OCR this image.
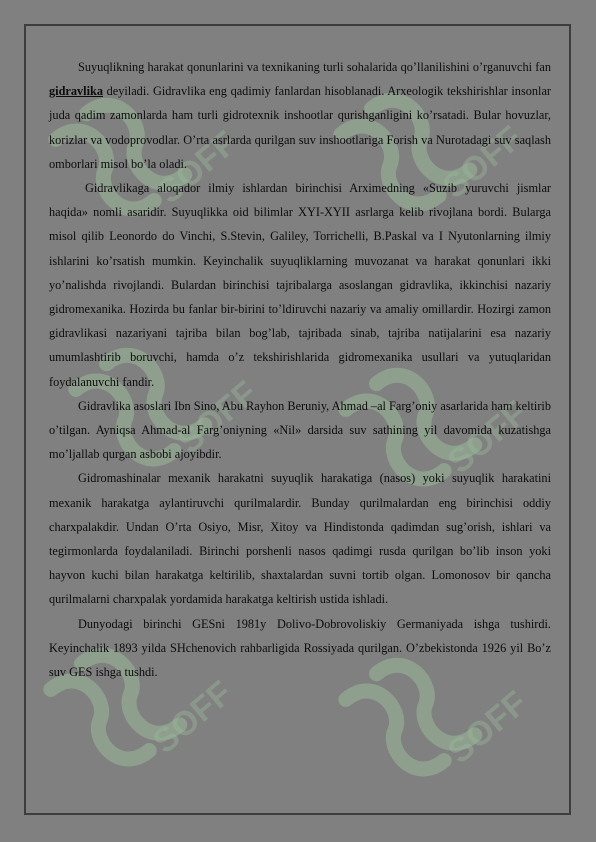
SOFF	SOFF
SOFF	SOFF
SOFF	SOFF

Suyuqlikning harakat qonunlarini va texnikaning turli sohalarida qo’llanilishini o’rganuvchi fan gidravlika deyiladi. Gidravlika eng qadimiy fanlardan hisoblanadi. Arxeologik tekshirishlar insonlar juda qadim zamonlarda ham turli gidrotexnik inshootlar qurishganligini ko’rsatadi. Bular hovuzlar, korizlar va vodoprovodlar. O’rta asrlarda qurilgan suv inshootlariga Forish va Nurotadagi suv saqlash omborlari misol bo’la oladi.

Gidravlikaga aloqador ilmiy ishlardan birinchisi Arximedning «Suzib yuruvchi jismlar haqida» nomli asaridir. Suyuqlikka oid bilimlar XYI-XYII asrlarga kelib rivojlana bordi. Bularga misol qilib Leonordo do Vinchi, S.Stevin, Galiley, Torrichelli, B.Paskal va I Nyutonlarning ilmiy ishlarini ko’rsatish mumkin. Keyinchalik suyuqliklarning muvozanat va harakat qonunlari ikki yo’nalishda rivojlandi. Bulardan birinchisi tajribalarga asoslangan gidravlika, ikkinchisi nazariy gidromexanika. Hozirda bu fanlar bir-birini to’ldiruvchi nazariy va amaliy omillardir. Hozirgi zamon gidravlikasi nazariyani tajriba bilan bog’lab, tajribada sinab, tajriba natijalarini esa nazariy umumlashtirib boruvchi, hamda o’z tekshirishlarida gidromexanika usullari va yutuqlaridan foydalanuvchi fandir.

Gidravlika asoslari Ibn Sino, Abu Rayhon Beruniy, Ahmad –al Farg’oniy asarlarida ham keltirib o’tilgan. Ayniqsa Ahmad-al Farg’oniyning «Nil» darsida suv sathining yil davomida kuzatishga mo’ljallab qurgan asbobi ajoyibdir.

Gidromashinalar mexanik harakatni suyuqlik harakatiga (nasos) yoki suyuqlik harakatini mexanik harakatga aylantiruvchi qurilmalardir. Bunday qurilmalardan eng birinchisi oddiy charxpalakdir. Undan O’rta Osiyo, Misr, Xitoy va Hindistonda qadimdan sug’orish, ishlari va tegirmonlarda foydalaniladi. Birinchi porshenli nasos qadimgi rusda qurilgan bo’lib inson yoki hayvon kuchi bilan harakatga keltirilib, shaxtalardan suvni tortib olgan. Lomonosov bir qancha qurilmalarni charxpalak yordamida harakatga keltirish ustida ishladi.

Dunyodagi birinchi GESni 1981y Dolivo-Dobrovoliskiy Germaniyada ishga tushirdi. Keyinchalik 1893 yilda SHchenovich rahbarligida Rossiyada qurilgan. O’zbekistonda 1926 yil Bo’z suv GES ishga tushdi.
